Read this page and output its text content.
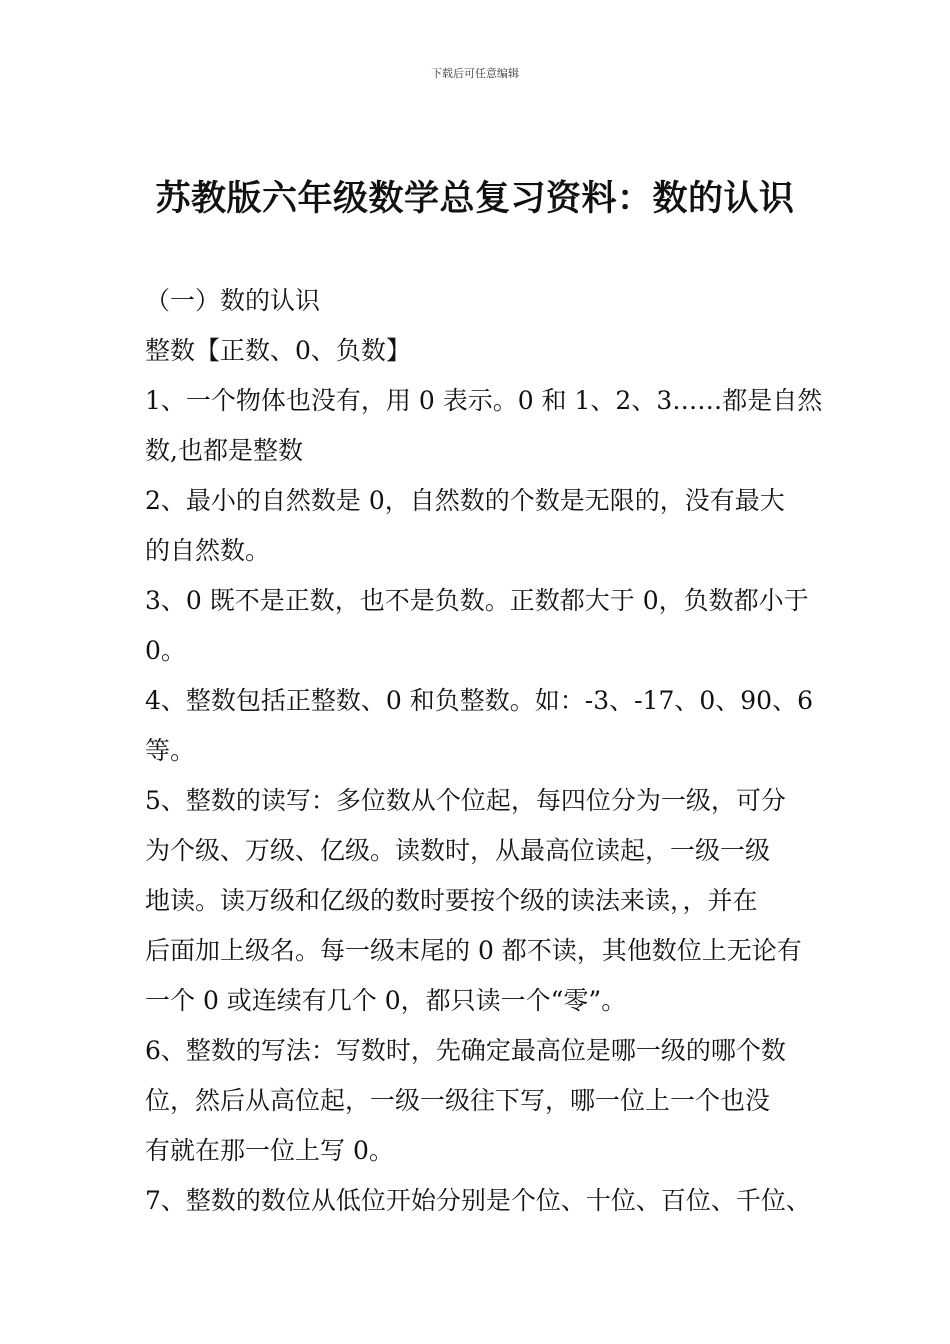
下载后可任意编辑
苏教版六年级数学总复习资料：数的认识
（一）数的认识
整数【正数、0、负数】
1、一个物体也没有，用 0 表示。0 和 1、2、3……都是自然
数,也都是整数
2、最小的自然数是 0，自然数的个数是无限的，没有最大
的自然数。
3、0 既不是正数，也不是负数。正数都大于 0，负数都小于
0。
4、整数包括正整数、0 和负整数。如：-3、-17、0、90、6
等。
5、整数的读写：多位数从个位起，每四位分为一级，可分
为个级、万级、亿级。读数时，从最高位读起，一级一级
地读。读万级和亿级的数时要按个级的读法来读，，并在
后面加上级名。每一级末尾的 0 都不读，其他数位上无论有
一个 0 或连续有几个 0，都只读一个“零”。
6、整数的写法：写数时，先确定最高位是哪一级的哪个数
位，然后从高位起，一级一级往下写，哪一位上一个也没
有就在那一位上写 0。
7、整数的数位从低位开始分别是个位、十位、百位、千位、
